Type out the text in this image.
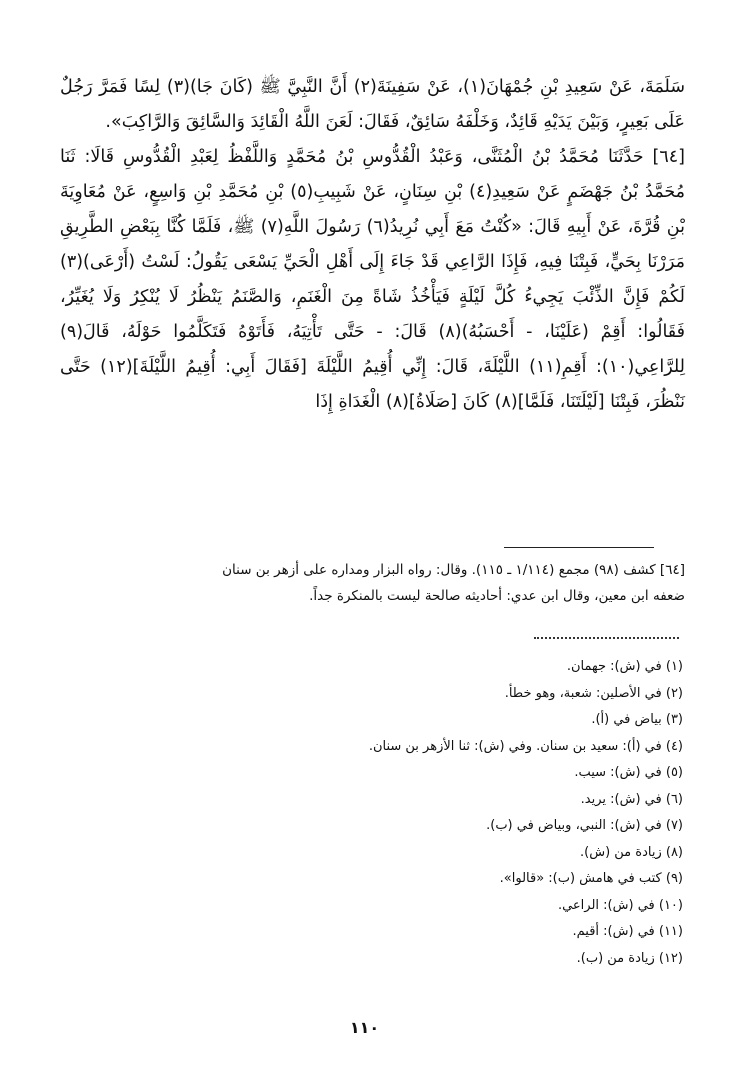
سَلَمَةَ، عَنْ سَعِيدِ بْنِ جُمْهَانَ(١)، عَنْ سَفِينَةَ(٢) أَنَّ النَّبِيَّ ﷺ (كَانَ جَا)(٣) لِسًا فَمَرَّ رَجُلٌ عَلَى بَعِيرٍ، وَبَيْنَ يَدَيْهِ قَائِدٌ، وَخَلْفَهُ سَائِقٌ، فَقَالَ: لَعَنَ اللَّهُ الْقَائِدَ وَالسَّائِقَ وَالرَّاكِبَ».

[٦٤] حَدَّثَنَا مُحَمَّدُ بْنُ الْمُثَنَّى، وَعَبْدُ الْقُدُّوسِ بْنُ مُحَمَّدٍ وَاللَّفْظُ لِعَبْدِ الْقُدُّوسِ قَالَا: ثَنَا مُحَمَّدُ بْنُ جَهْضَمٍ عَنْ سَعِيدِ(٤) بْنِ سِنَانٍ، عَنْ شَبِيبِ(٥) بْنِ مُحَمَّدِ بْنِ وَاسِعٍ، عَنْ مُعَاوِيَةَ بْنِ قُرَّةَ، عَنْ أَبِيهِ قَالَ: «كُنْتُ مَعَ أَبِي نُرِيدُ(٦) رَسُولَ اللَّهِ(٧) ﷺ، فَلَمَّا كُنَّا بِبَعْضِ الطَّرِيقِ مَرَرْنَا بِحَيٍّ، فَبِتْنَا فِيهِ، فَإِذَا الرَّاعِي قَدْ جَاءَ إِلَى أَهْلِ الْحَيِّ يَسْعَى يَقُولُ: لَسْتُ (أَرْعَى)(٣) لَكُمْ فَإِنَّ الذِّئْبَ يَجِيءُ كُلَّ لَيْلَةٍ فَيَأْخُذُ شَاةً مِنَ الْغَنَمِ، وَالصَّنَمُ يَنْظُرُ لَا يُنْكِرُ وَلَا يُغَيِّرُ، فَقَالُوا: أَقِمْ (عَلَيْنَا، - أَحْسَبُهُ)(٨) قَالَ: - حَتَّى تَأْتِيَهُ، فَأَتَوْهُ فَتَكَلَّمُوا حَوْلَهُ، قَالَ(٩) لِلرَّاعِي(١٠): أَقِمِ(١١) اللَّيْلَةَ، قَالَ: إِنِّي أُقِيمُ اللَّيْلَةَ [فَقَالَ أَبِي: أُقِيمُ اللَّيْلَةَ](١٢) حَتَّى نَنْظُرَ، فَبِتْنَا [لَيْلَتَنَا، فَلَمَّا](٨) كَانَ [صَلَاةُ](٨) الْغَدَاةِ إِذَا

[٦٤] كشف (٩٨) مجمع (١/١١٤ ـ ١١٥). وقال: رواه البزار ومداره على أزهر بن سنان

ضعفه ابن معين، وقال ابن عدي: أحاديثه صالحة ليست بالمنكرة جداً.

(١) في (ش): جهمان.
(٢) في الأصلين: شعبة، وهو خطأ.
(٣) بياض في (أ).
(٤) في (أ): سعيد بن سنان. وفي (ش): ثنا الأزهر بن سنان.
(٥) في (ش): سيب.
(٦) في (ش): يريد.
(٧) في (ش): النبي، وبياض في (ب).
(٨) زيادة من (ش).
(٩) كتب في هامش (ب): «قالوا».
(١٠) في (ش): الراعي.
(١١) في (ش): أقيم.
(١٢) زيادة من (ب).
١١٠
